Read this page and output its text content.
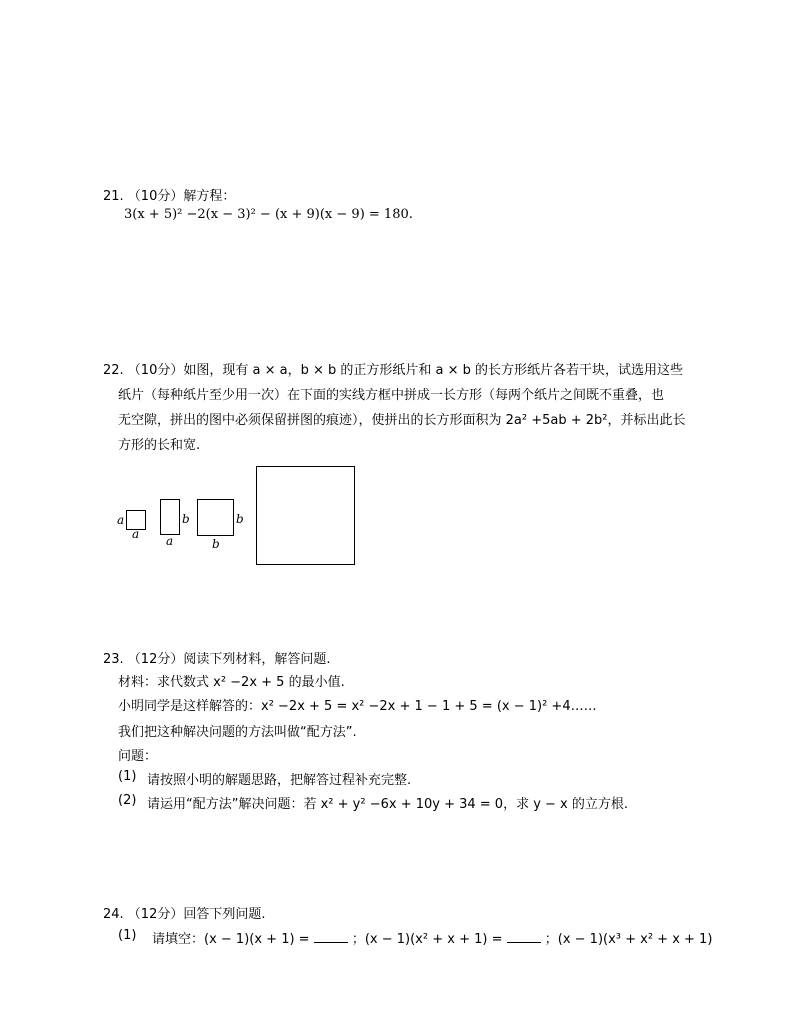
21. （10分）解方程：
3(x + 5)² −2(x − 3)² − (x + 9)(x − 9) = 180.
22. （10分）如图，现有 a × a，b × b 的正方形纸片和 a × b 的长方形纸片各若干块，试选用这些
纸片（每种纸片至少用一次）在下面的实线方框中拼成一长方形（每两个纸片之间既不重叠，也
无空隙，拼出的图中必须保留拼图的痕迹），使拼出的长方形面积为 2a² +5ab + 2b²，并标出此长
方形的长和宽.
a
a
b
a
b
b
23. （12分）阅读下列材料，解答问题.
材料：求代数式 x² −2x + 5 的最小值.
小明同学是这样解答的：x² −2x + 5 = x² −2x + 1 − 1 + 5 = (x − 1)² +4……
我们把这种解决问题的方法叫做“配方法”.
问题：
(1) 请按照小明的解题思路，把解答过程补充完整.
(2) 请运用“配方法”解决问题：若 x² + y² −6x + 10y + 34 = 0，求 y − x 的立方根.
24. （12分）回答下列问题.
(1) 请填空：(x − 1)(x + 1) =	；(x − 1)(x² + x + 1) =	；(x − 1)(x³ + x² + x + 1)
